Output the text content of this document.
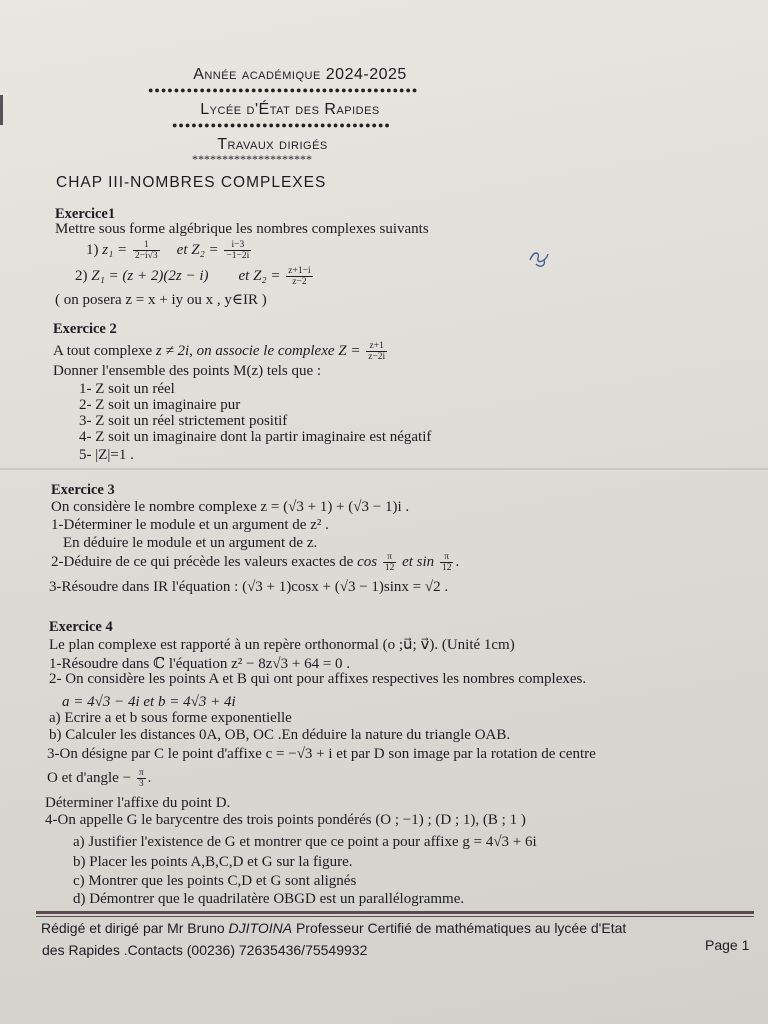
Année académique 2024-2025
●●●●●●●●●●●●●●●●●●●●●●●●●●●●●●●●●●●●●●●●●●
Lycée d'État des Rapides
●●●●●●●●●●●●●●●●●●●●●●●●●●●●●●●●●●
Travaux dirigés
********************
CHAP III-NOMBRES COMPLEXES
Exercice1
Mettre sous forme algébrique les nombres complexes suivants
1) $z_1 = \frac{1}{2-i√3}$ et $Z_2 = \frac{i-3}{-1-2i}$
2) Z₁ = (z + 2)(2z − i) et $Z_2 = \frac{z+1-i}{z-2}$
( on posera z = x + iy ou x , y∈IR )
Exercice 2
A tout complexe z ≠ 2i, on associe le complexe $Z = \frac{z+1}{z-2i}$
Donner l'ensemble des points M(z) tels que :
1- Z soit un réel
2- Z soit un imaginaire pur
3- Z soit un réel strictement positif
4- Z soit un imaginaire dont la partir imaginaire est négatif
5- |Z|=1 .
Exercice 3
On considère le nombre complexe z = (√3 + 1) + (√3 − 1)i .
1-Déterminer le module et un argument de z² .
En déduire le module et un argument de z.
2-Déduire de ce qui précède les valeurs exactes de $\cos \frac{\pi}{12}$ et $\sin \frac{\pi}{12}$ .
3-Résoudre dans IR l'équation : (√3 + 1)cosx + (√3 − 1)sinx = √2 .
Exercice 4
Le plan complexe est rapporté à un repère orthonormal (o ;u⃗; v⃗). (Unité 1cm)
1-Résoudre dans ℂ l'équation z² − 8z√3 + 64 = 0 .
2- On considère les points A et B qui ont pour affixes respectives les nombres complexes.
a = 4√3 − 4i et b = 4√3 + 4i
a) Ecrire a et b sous forme exponentielle
b) Calculer les distances 0A, OB, OC .En déduire la nature du triangle OAB.
3-On désigne par C le point d'affixe c = −√3 + i et par D son image par la rotation de centre
O et d'angle − $\frac{\pi}{3}$ .
Déterminer l'affixe du point D.
4-On appelle G le barycentre des trois points pondérés (O ; −1) ; (D ; 1), (B ; 1 )
a) Justifier l'existence de G et montrer que ce point a pour affixe g = 4√3 + 6i
b) Placer les points A,B,C,D et G sur la figure.
c) Montrer que les points C,D et G sont alignés
d) Démontrer que le quadrilatère OBGD est un parallélogramme.
Rédigé et dirigé par Mr Bruno DJITOINA Professeur Certifié de mathématiques au lycée d'Etat
des Rapides .Contacts (00236) 72635436/75549932	Page 1
